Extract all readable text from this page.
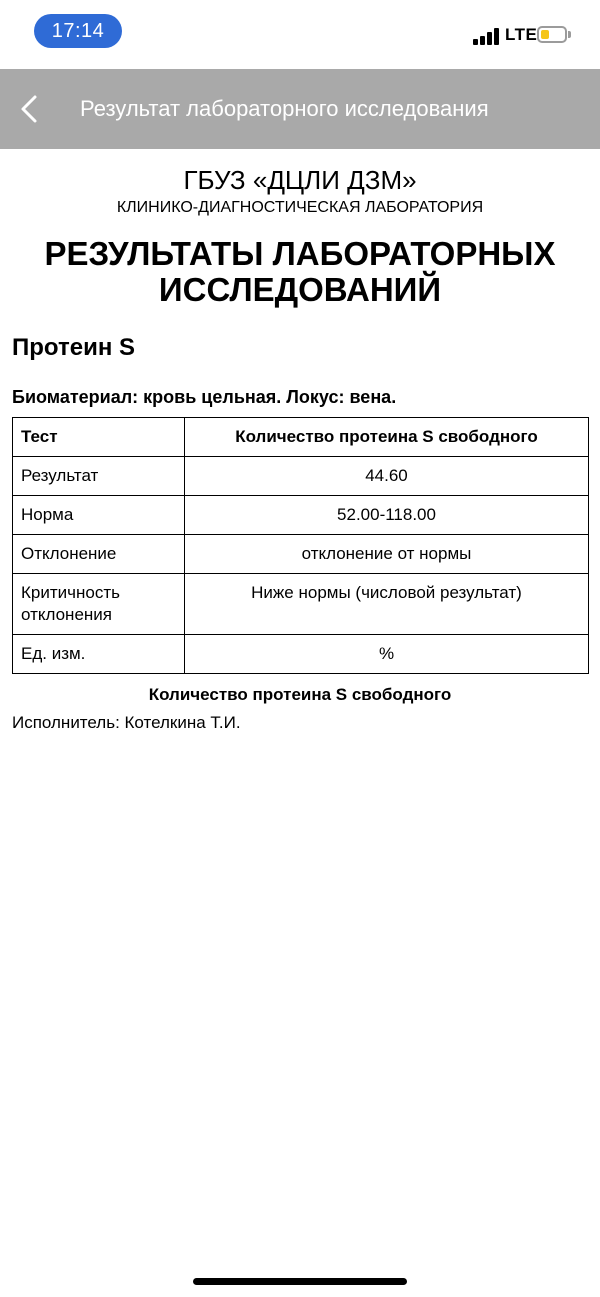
17:14	LTE
Результат лабораторного исследования
ГБУЗ «ДЦЛИ ДЗМ»
КЛИНИКО-ДИАГНОСТИЧЕСКАЯ ЛАБОРАТОРИЯ
РЕЗУЛЬТАТЫ ЛАБОРАТОРНЫХ
ИССЛЕДОВАНИЙ
Протеин S
Биоматериал: кровь цельная. Локус: вена.
Тест	Количество протеина S свободного
Результат	44.60
Норма	52.00-118.00
Отклонение	отклонение от нормы
Критичность отклонения	Ниже нормы (числовой результат)
Ед. изм.	%
Количество протеина S свободного
Исполнитель: Котелкина Т.И.
